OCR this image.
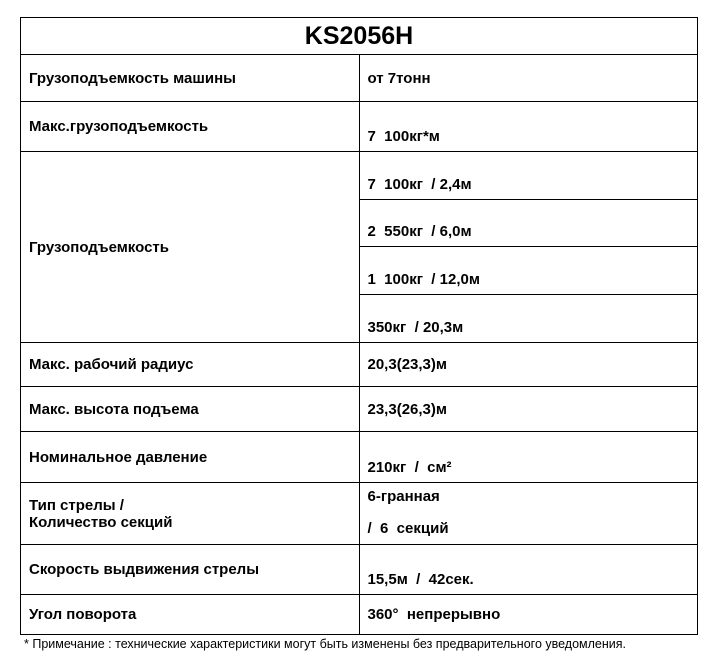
KS2056H	
Грузоподъемкость машины	от 7тонн
Макс.грузоподъемкость	7  100кг*м
Грузоподъемкость	7  100кг  / 2,4м
	2  550кг  / 6,0м
	1  100кг  / 12,0м
	350кг  / 20,3м
Макс. рабочий радиус	20,3(23,3)м
Макс. высота подъема	23,3(26,3)м
Номинальное давление	210кг  /  см²
Тип стрелы /
Количество секций	6-гранная
/  6  секций

Скорость выдвижения стрелы	15,5м  /  42сек.
Угол поворота	360°  непрерывно
* Примечание : технические характеристики могут быть изменены без предварительного уведомления.
